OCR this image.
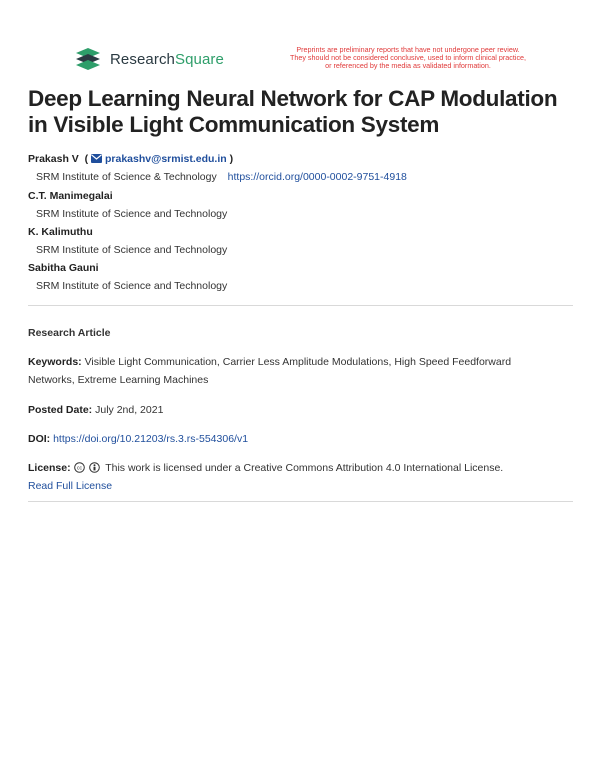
ResearchSquare
Preprints are preliminary reports that have not undergone peer review.
They should not be considered conclusive, used to inform clinical practice,
or referenced by the media as validated information.
Deep Learning Neural Network for CAP Modulation
in Visible Light Communication System
Prakash V  ( prakashv@srmist.edu.in )
SRM Institute of Science & Technology https://orcid.org/0000-0002-9751-4918
C.T. Manimegalai
SRM Institute of Science and Technology
K. Kalimuthu
SRM Institute of Science and Technology
Sabitha Gauni
SRM Institute of Science and Technology
Research Article
Keywords: Visible Light Communication, Carrier Less Amplitude Modulations, High Speed Feedforward
Networks, Extreme Learning Machines
Posted Date: July 2nd, 2021
DOI: https://doi.org/10.21203/rs.3.rs-554306/v1
License: cc This work is licensed under a Creative Commons Attribution 4.0 International License.
Read Full License
